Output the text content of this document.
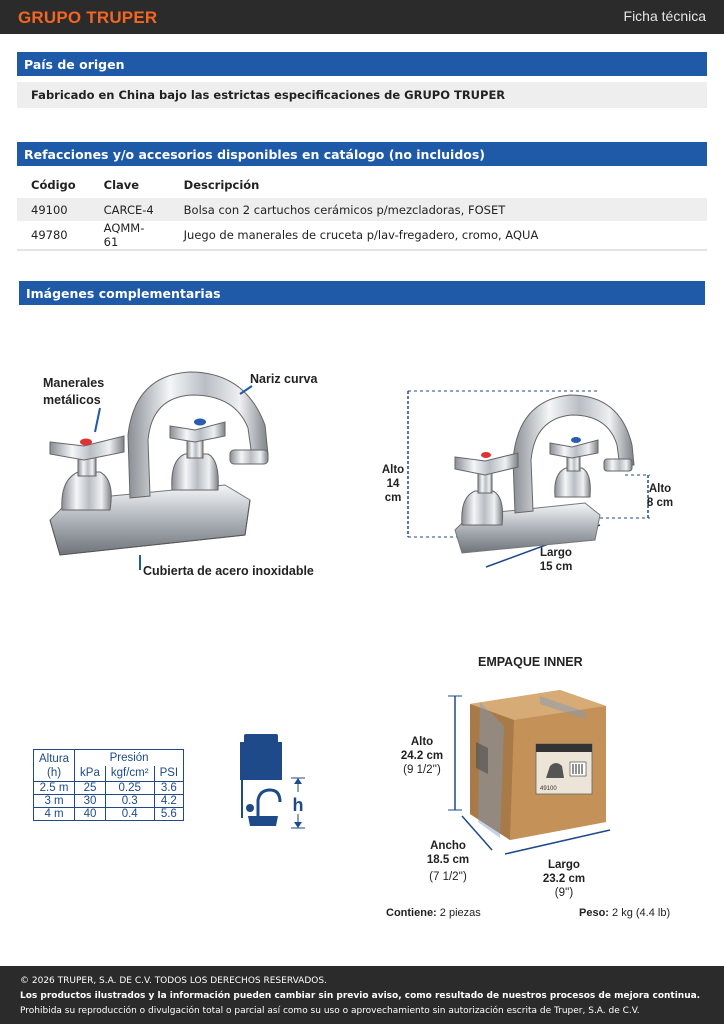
GRUPO TRUPER	Ficha técnica
País de origen
Fabricado en China bajo las estrictas especificaciones de GRUPO TRUPER
Refacciones y/o accesorios disponibles en catálogo (no incluidos)
Código	Clave	Descripción
49100	CARCE-4	Bolsa con 2 cartuchos cerámicos p/mezcladoras, FOSET
49780	AQMM-61	Juego de manerales de cruceta p/lav-fregadero, cromo, AQUA
Imágenes complementarias
Manerales metálicos
Nariz curva
Cubierta de acero inoxidable
Alto
14 cm
Alto
8 cm
Largo
15 cm
Altura
(h)	Presión		
	kPa	kgf/cm²	PSI
2.5 m	25	0.25	3.6
3 m	30	0.3	4.2
4 m	40	0.4	5.6	h
EMPAQUE INNER
49100
Alto
24.2 cm
(9 1/2'')
Ancho
18.5 cm
(7 1/2'')
Largo
23.2 cm
(9'')
Contiene: 2 piezas	Peso: 2 kg (4.4 lb)
© 2026 TRUPER, S.A. DE C.V. TODOS LOS DERECHOS RESERVADOS.
Los productos ilustrados y la información pueden cambiar sin previo aviso, como resultado de nuestros procesos de mejora continua.
Prohibida su reproducción o divulgación total o parcial así como su uso o aprovechamiento sin autorización escrita de Truper, S.A. de C.V.
